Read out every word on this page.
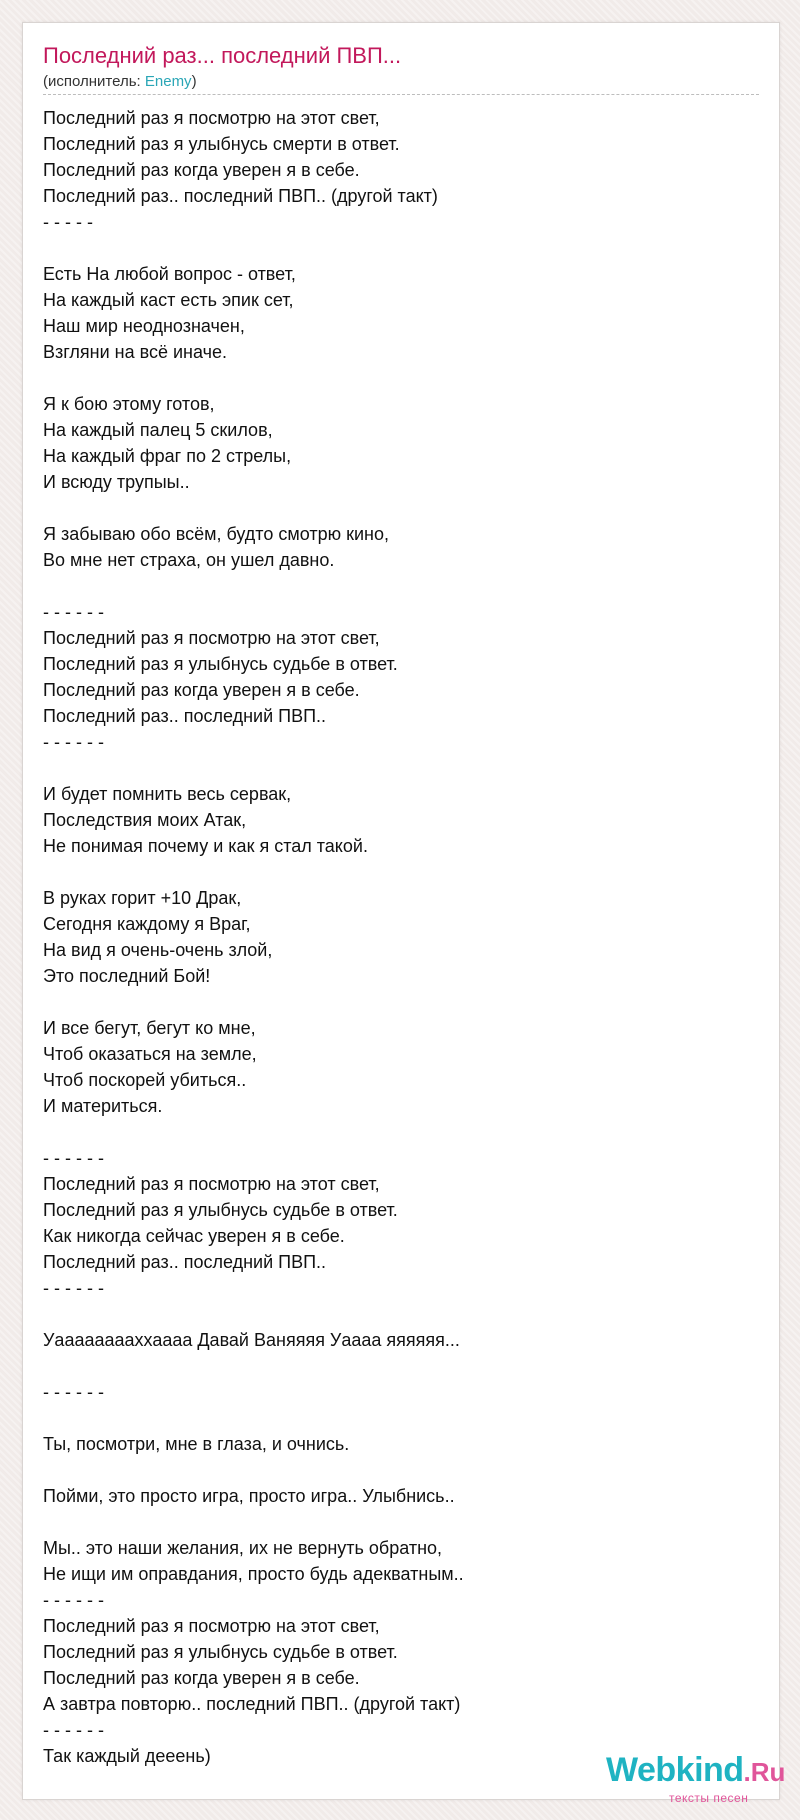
Последний раз... последний ПВП...
(исполнитель: Enemy)
Последний раз я посмотрю на этот свет,
Последний раз я улыбнусь смерти в ответ.
Последний раз когда уверен я в себе.
Последний раз.. последний ПВП.. (другой такт)
- - - - -

Есть На любой вопрос - ответ,
На каждый каст есть эпик сет,
Наш мир неоднозначен,
Взгляни на всё иначе.

Я к бою этому готов,
На каждый палец 5 скилов,
На каждый фраг по 2 стрелы,
И всюду трупыы..

Я забываю обо всём, будто смотрю кино,
Во мне нет страха, он ушел давно.

- - - - - -
Последний раз я посмотрю на этот свет,
Последний раз я улыбнусь судьбе в ответ.
Последний раз когда уверен я в себе.
Последний раз.. последний ПВП..
- - - - - -

И будет помнить весь сервак,
Последствия моих Атак,
Не понимая почему и как я стал такой.

В руках горит +10 Драк,
Сегодня каждому я Враг,
На вид я очень-очень злой,
Это последний Бой!

И все бегут, бегут ко мне,
Чтоб оказаться на земле,
Чтоб поскорей убиться..
И материться.

- - - - - -
Последний раз я посмотрю на этот свет,
Последний раз я улыбнусь судьбе в ответ.
Как никогда сейчас уверен я в себе.
Последний раз.. последний ПВП..
- - - - - -

Уааааааааххаааа Давай Ваняяяя Уаааа яяяяяя...

- - - - - -

Ты, посмотри, мне в глаза, и очнись.

Пойми, это просто игра, просто игра.. Улыбнись..

Мы.. это наши желания, их не вернуть обратно,
Не ищи им оправдания, просто будь адекватным..
- - - - - -
Последний раз я посмотрю на этот свет,
Последний раз я улыбнусь судьбе в ответ.
Последний раз когда уверен я в себе.
А завтра повторю.. последний ПВП.. (другой такт)
- - - - - -
Так каждый дееень)	Webkind.Ru
тексты песен
